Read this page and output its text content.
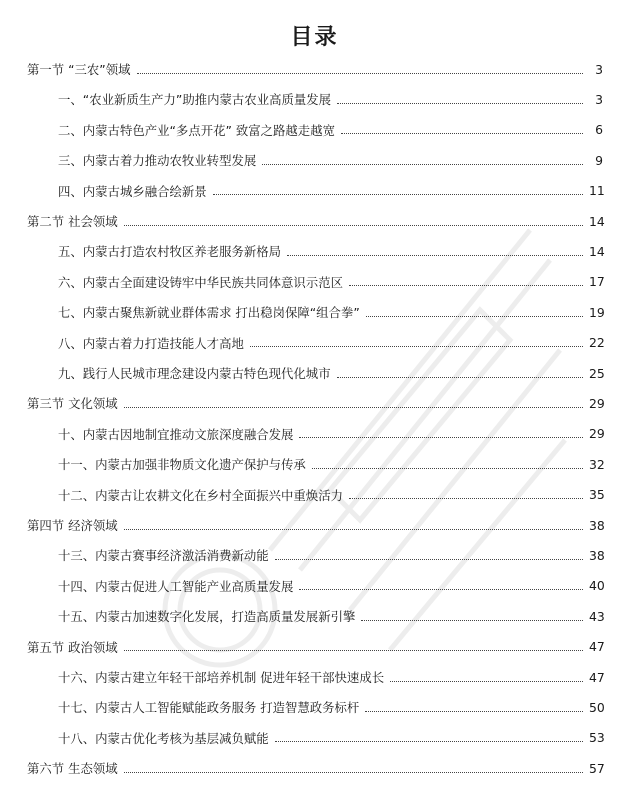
目录
第一节 “三农”领域	3
一、“农业新质生产力”助推内蒙古农业高质量发展	3
二、内蒙古特色产业“多点开花” 致富之路越走越宽	6
三、内蒙古着力推动农牧业转型发展	9
四、内蒙古城乡融合绘新景	11
第二节 社会领域	14
五、内蒙古打造农村牧区养老服务新格局	14
六、内蒙古全面建设铸牢中华民族共同体意识示范区	17
七、内蒙古聚焦新就业群体需求 打出稳岗保障“组合拳”	19
八、内蒙古着力打造技能人才高地	22
九、践行人民城市理念建设内蒙古特色现代化城市	25
第三节 文化领域	29
十、内蒙古因地制宜推动文旅深度融合发展	29
十一、内蒙古加强非物质文化遗产保护与传承	32
十二、内蒙古让农耕文化在乡村全面振兴中重焕活力	35
第四节 经济领域	38
十三、内蒙古赛事经济激活消费新动能	38
十四、内蒙古促进人工智能产业高质量发展	40
十五、内蒙古加速数字化发展，打造高质量发展新引擎	43
第五节 政治领域	47
十六、内蒙古建立年轻干部培养机制 促进年轻干部快速成长	47
十七、内蒙古人工智能赋能政务服务 打造智慧政务标杆	50
十八、内蒙古优化考核为基层减负赋能	53
第六节 生态领域	57
